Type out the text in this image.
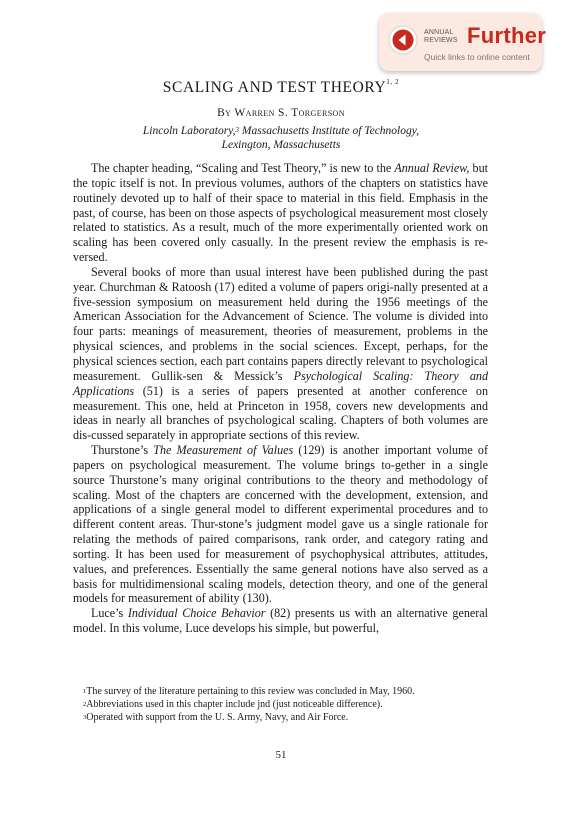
ANNUAL
REVIEWS Further
Quick links to online content
SCALING AND TEST THEORY$^{1, 2}$
By Warren S. Torgerson
Lincoln Laboratory,$^3$ Massachusetts Institute of Technology,
Lexington, Massachusetts

The chapter heading, “Scaling and Test Theory,” is new to the Annual Review, but the topic itself is not. In previous volumes, authors of the chapters on statistics have routinely devoted up to half of their space to material in this field. Emphasis in the past, of course, has been on those aspects of psychological measurement most closely related to statistics. As a result, much of the more experimentally oriented work on scaling has been covered only casually. In the present review the emphasis is re-versed.

Several books of more than usual interest have been published during the past year. Churchman & Ratoosh (17) edited a volume of papers origi-nally presented at a five-session symposium on measurement held during the 1956 meetings of the American Association for the Advancement of Science. The volume is divided into four parts: meanings of measurement, theories of measurement, problems in the physical sciences, and problems in the social sciences. Except, perhaps, for the physical sciences section, each part contains papers directly relevant to psychological measurement. Gullik-sen & Messick’s Psychological Scaling: Theory and Applications (51) is a series of papers presented at another conference on measurement. This one, held at Princeton in 1958, covers new developments and ideas in nearly all branches of psychological scaling. Chapters of both volumes are dis-cussed separately in appropriate sections of this review.

Thurstone’s The Measurement of Values (129) is another important volume of papers on psychological measurement. The volume brings to-gether in a single source Thurstone’s many original contributions to the theory and methodology of scaling. Most of the chapters are concerned with the development, extension, and applications of a single general model to different experimental procedures and to different content areas. Thur-stone’s judgment model gave us a single rationale for relating the methods of paired comparisons, rank order, and category rating and sorting. It has been used for measurement of psychophysical attributes, attitudes, values, and preferences. Essentially the same general notions have also served as a basis for multidimensional scaling models, detection theory, and one of the general models for measurement of ability (130).

Luce’s Individual Choice Behavior (82) presents us with an alternative general model. In this volume, Luce develops his simple, but powerful,

$^1$The survey of the literature pertaining to this review was concluded in May, 1960.

$^2$Abbreviations used in this chapter include jnd (just noticeable difference).

$^3$Operated with support from the U. S. Army, Navy, and Air Force.

51
